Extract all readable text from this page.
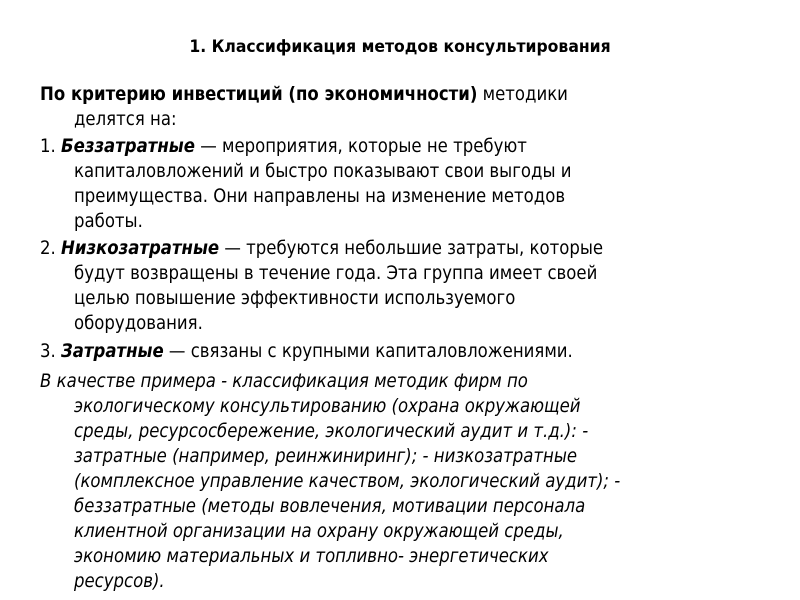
1. Классификация методов консультирования
По критерию инвестиций (по экономичности) методики
делятся на:
1. Беззатратные — мероприятия, которые не требуют
капиталовложений и быстро показывают свои выгоды и
преимущества. Они направлены на изменение методов
работы.
2. Низкозатратные — требуются небольшие затраты, которые
будут возвращены в течение года. Эта группа имеет своей
целью повышение эффективности используемого
оборудования.
3. Затратные — связаны с крупными капиталовложениями.
В качестве примера - классификация методик фирм по
экологическому консультированию (охрана окружающей
среды, ресурсосбережение, экологический аудит и т.д.): -
затратные (например, реинжиниринг); - низкозатратные
(комплексное управление качеством, экологический аудит); -
беззатратные (методы вовлечения, мотивации персонала
клиентной организации на охрану окружающей среды,
экономию материальных и топливно- энергетических
ресурсов).
